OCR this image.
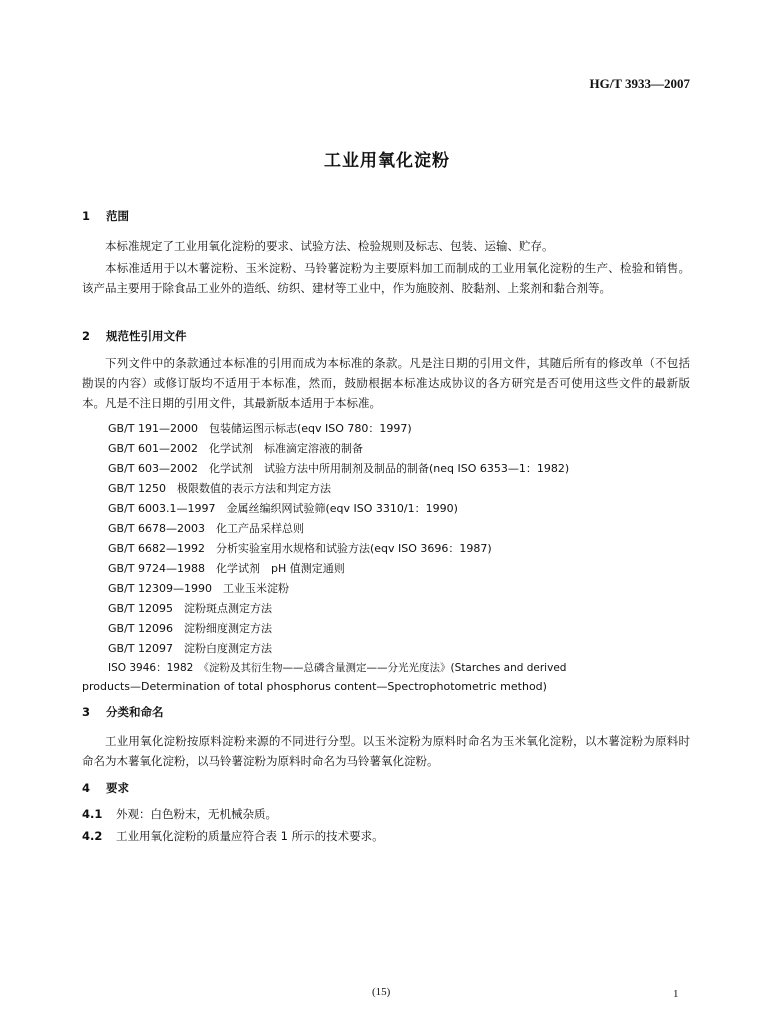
HG/T 3933—2007
工业用氧化淀粉
1 范围
本标准规定了工业用氧化淀粉的要求、试验方法、检验规则及标志、包装、运输、贮存。
本标准适用于以木薯淀粉、玉米淀粉、马铃薯淀粉为主要原料加工而制成的工业用氧化淀粉的生产、检验和销售。该产品主要用于除食品工业外的造纸、纺织、建材等工业中，作为施胶剂、胶黏剂、上浆剂和黏合剂等。
2 规范性引用文件
下列文件中的条款通过本标准的引用而成为本标准的条款。凡是注日期的引用文件，其随后所有的修改单（不包括勘误的内容）或修订版均不适用于本标准，然而，鼓励根据本标准达成协议的各方研究是否可使用这些文件的最新版本。凡是不注日期的引用文件，其最新版本适用于本标准。
GB/T 191—2000　包装储运图示标志(eqv ISO 780：1997)
GB/T 601—2002　化学试剂　标准滴定溶液的制备
GB/T 603—2002　化学试剂　试验方法中所用制剂及制品的制备(neq ISO 6353—1：1982)
GB/T 1250　极限数值的表示方法和判定方法
GB/T 6003.1—1997　金属丝编织网试验筛(eqv ISO 3310/1：1990)
GB/T 6678—2003　化工产品采样总则
GB/T 6682—1992　分析实验室用水规格和试验方法(eqv ISO 3696：1987)
GB/T 9724—1988　化学试剂　pH 值测定通则
GB/T 12309—1990　工业玉米淀粉
GB/T 12095　淀粉斑点测定方法
GB/T 12096　淀粉细度测定方法
GB/T 12097　淀粉白度测定方法
ISO 3946：1982　《淀粉及其衍生物——总磷含量测定——分光光度法》(Starches and derived
products—Determination of total phosphorus content—Spectrophotometric method)
3 分类和命名
工业用氧化淀粉按原料淀粉来源的不同进行分型。以玉米淀粉为原料时命名为玉米氧化淀粉，以木薯淀粉为原料时命名为木薯氧化淀粉，以马铃薯淀粉为原料时命名为马铃薯氧化淀粉。
4 要求
4.1 外观：白色粉末，无机械杂质。
4.2 工业用氧化淀粉的质量应符合表 1 所示的技术要求。
(15)	1
